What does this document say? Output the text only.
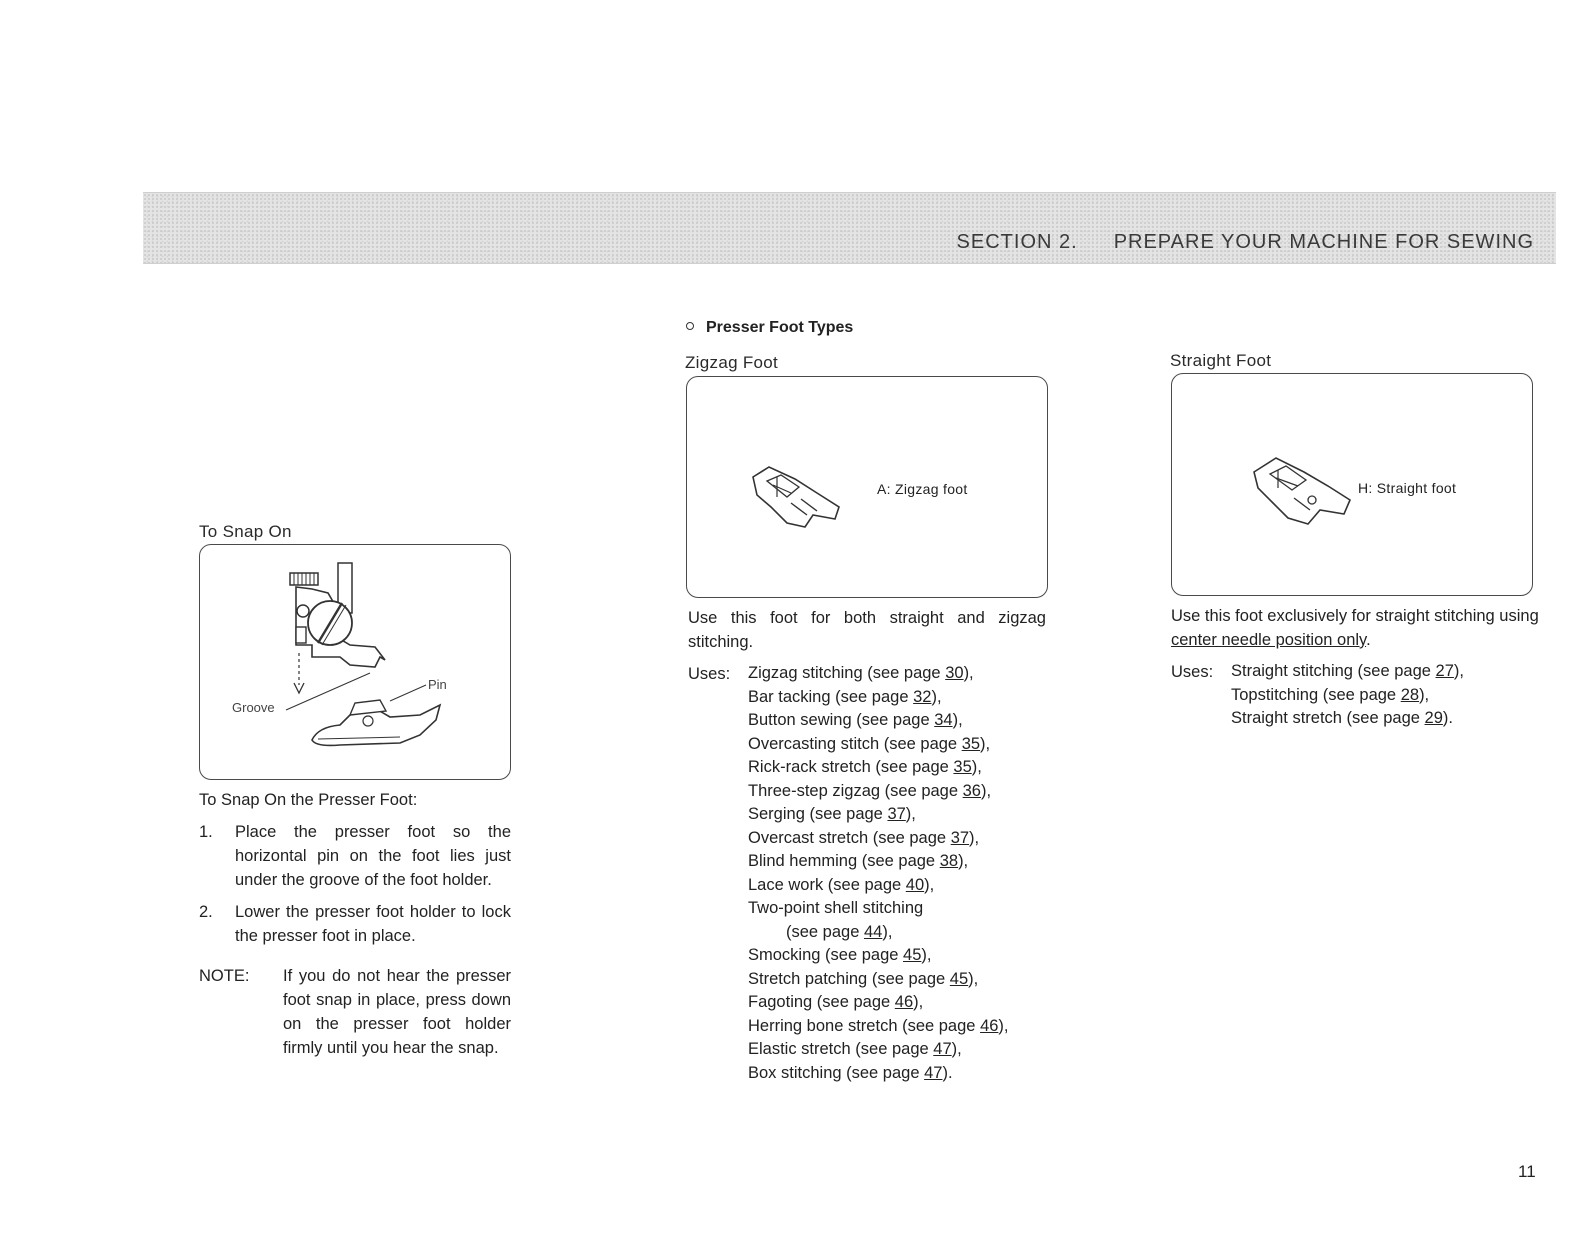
SECTION 2. PREPARE YOUR MACHINE FOR SEWING
To Snap On
Pin
Groove
To Snap On the Presser Foot:
1.	Place the presser foot so the horizontal pin on the foot lies just under the groove of the foot holder.
2.	Lower the presser foot holder to lock the presser foot in place.
NOTE:	If you do not hear the presser foot snap in place, press down on the presser foot holder firmly until you hear the snap.
Presser Foot Types
Zigzag Foot
A: Zigzag foot
Use this foot for both straight and zigzag stitching.
Uses:	Zigzag stitching (see page 30),
Bar tacking (see page 32),
Button sewing (see page 34),
Overcasting stitch (see page 35),
Rick-rack stretch (see page 35),
Three-step zigzag (see page 36),
Serging (see page 37),
Overcast stretch (see page 37),
Blind hemming (see page 38),
Lace work (see page 40),
Two-point shell stitching
(see page 44),
Smocking (see page 45),
Stretch patching (see page 45),
Fagoting (see page 46),
Herring bone stretch (see page 46),
Elastic stretch (see page 47),
Box stitching (see page 47).
Straight Foot
H: Straight foot
Use this foot exclusively for straight stitching using center needle position only.
Uses:	Straight stitching (see page 27),
Topstitching (see page 28),
Straight stretch (see page 29).
11
